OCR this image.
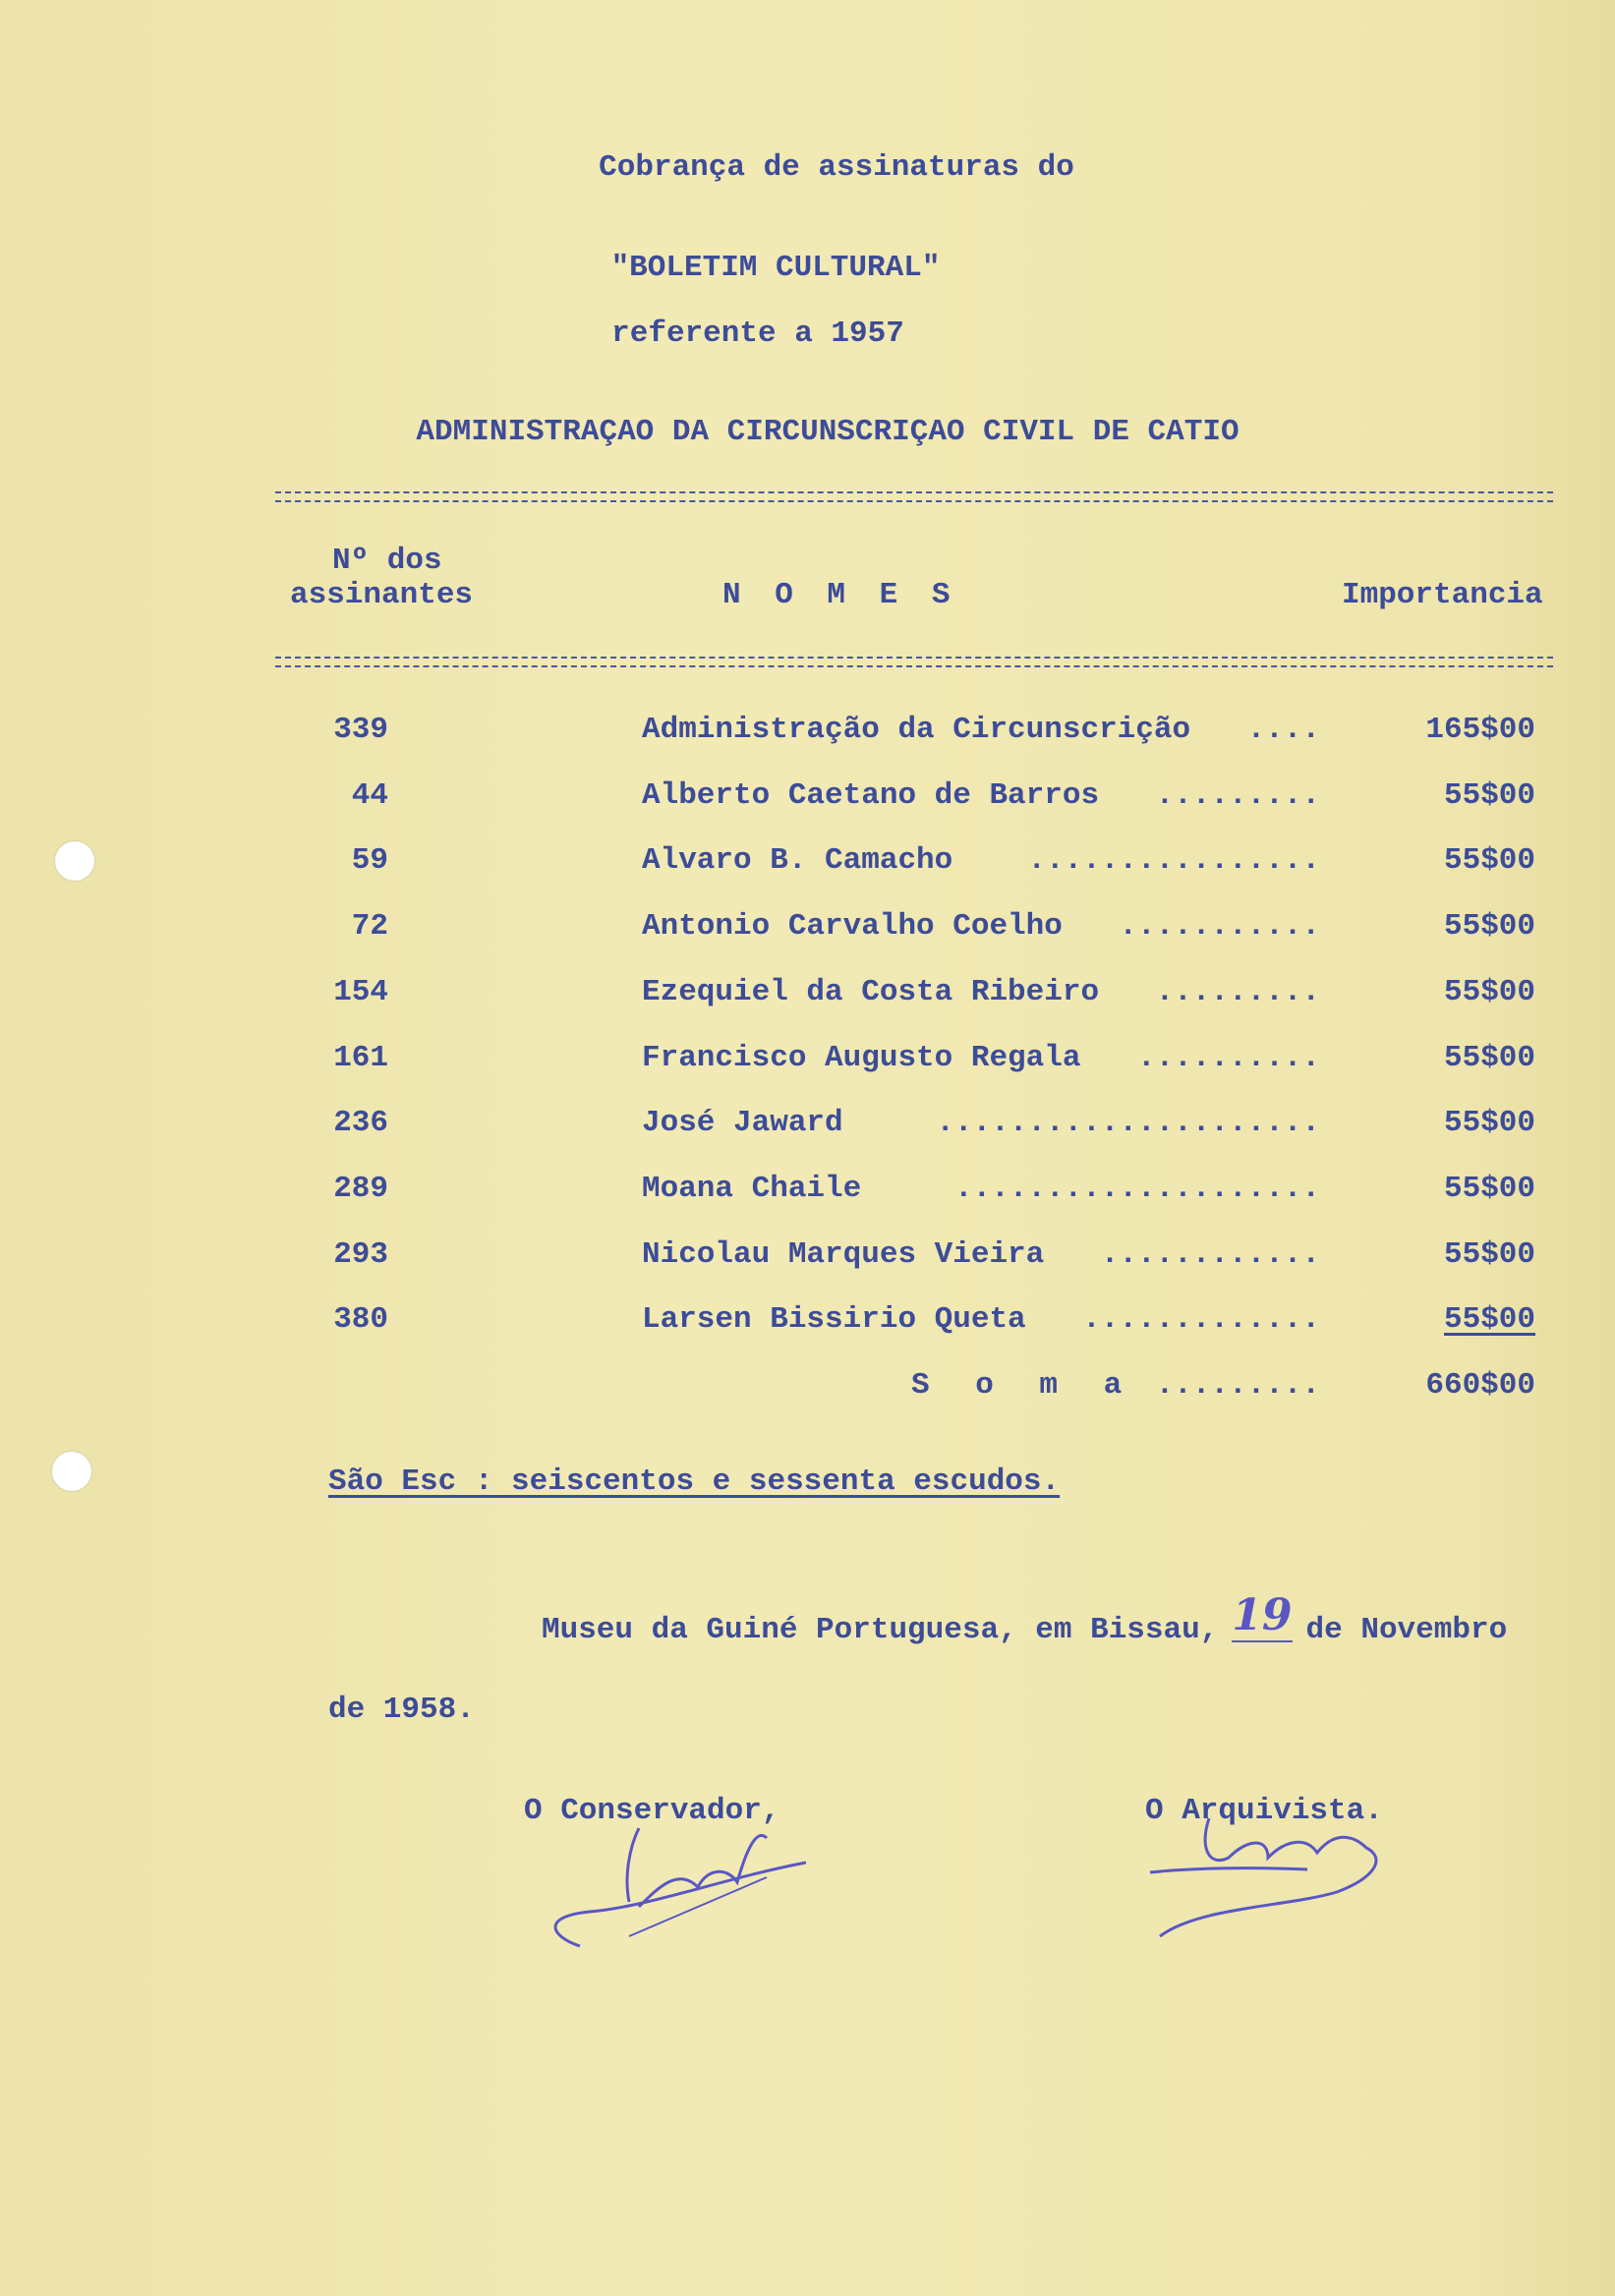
Cobrança de assinaturas do
"BOLETIM CULTURAL"
referente a 1957
ADMINISTRAÇAO DA CIRCUNSCRIÇAO CIVIL DE CATIO
Nº dos
assinantes	N O M E S	Importancia
339	Administração da Circunscrição ....	165$00
44	Alberto Caetano de Barros .........	55$00
59	Alvaro B. Camacho ................	55$00
72	Antonio Carvalho Coelho ...........	55$00
154	Ezequiel da Costa Ribeiro .........	55$00
161	Francisco Augusto Regala ..........	55$00
236	José Jaward	.....................	55$00
289	Moana Chaile	....................	55$00
293	Nicolau Marques Vieira ............	55$00
380	Larsen Bissirio Queta .............	55$00
S o m a .........	660$00
São Esc : seiscentos e sessenta escudos.
Museu da Guiné Portuguesa, em Bissau, 19 de Novembro
de 1958.
O Conservador,	O Arquivista.
